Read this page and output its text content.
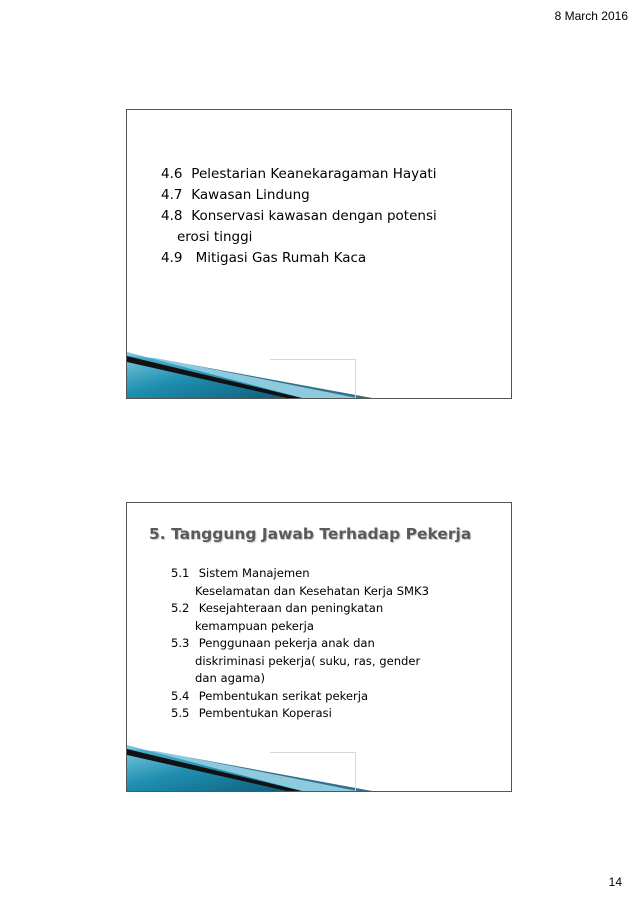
8 March 2016
4.6 Pelestarian Keanekaragaman Hayati
4.7 Kawasan Lindung
4.8 Konservasi kawasan dengan potensi
erosi tinggi
4.9  Mitigasi Gas Rumah Kaca
5. Tanggung Jawab Terhadap Pekerja
5.1 Sistem Manajemen
Keselamatan dan Kesehatan Kerja SMK3
5.2 Kesejahteraan dan peningkatan
kemampuan pekerja
5.3 Penggunaan pekerja anak dan
diskriminasi pekerja( suku, ras, gender
dan agama)
5.4 Pembentukan serikat pekerja
5.5 Pembentukan Koperasi
14
